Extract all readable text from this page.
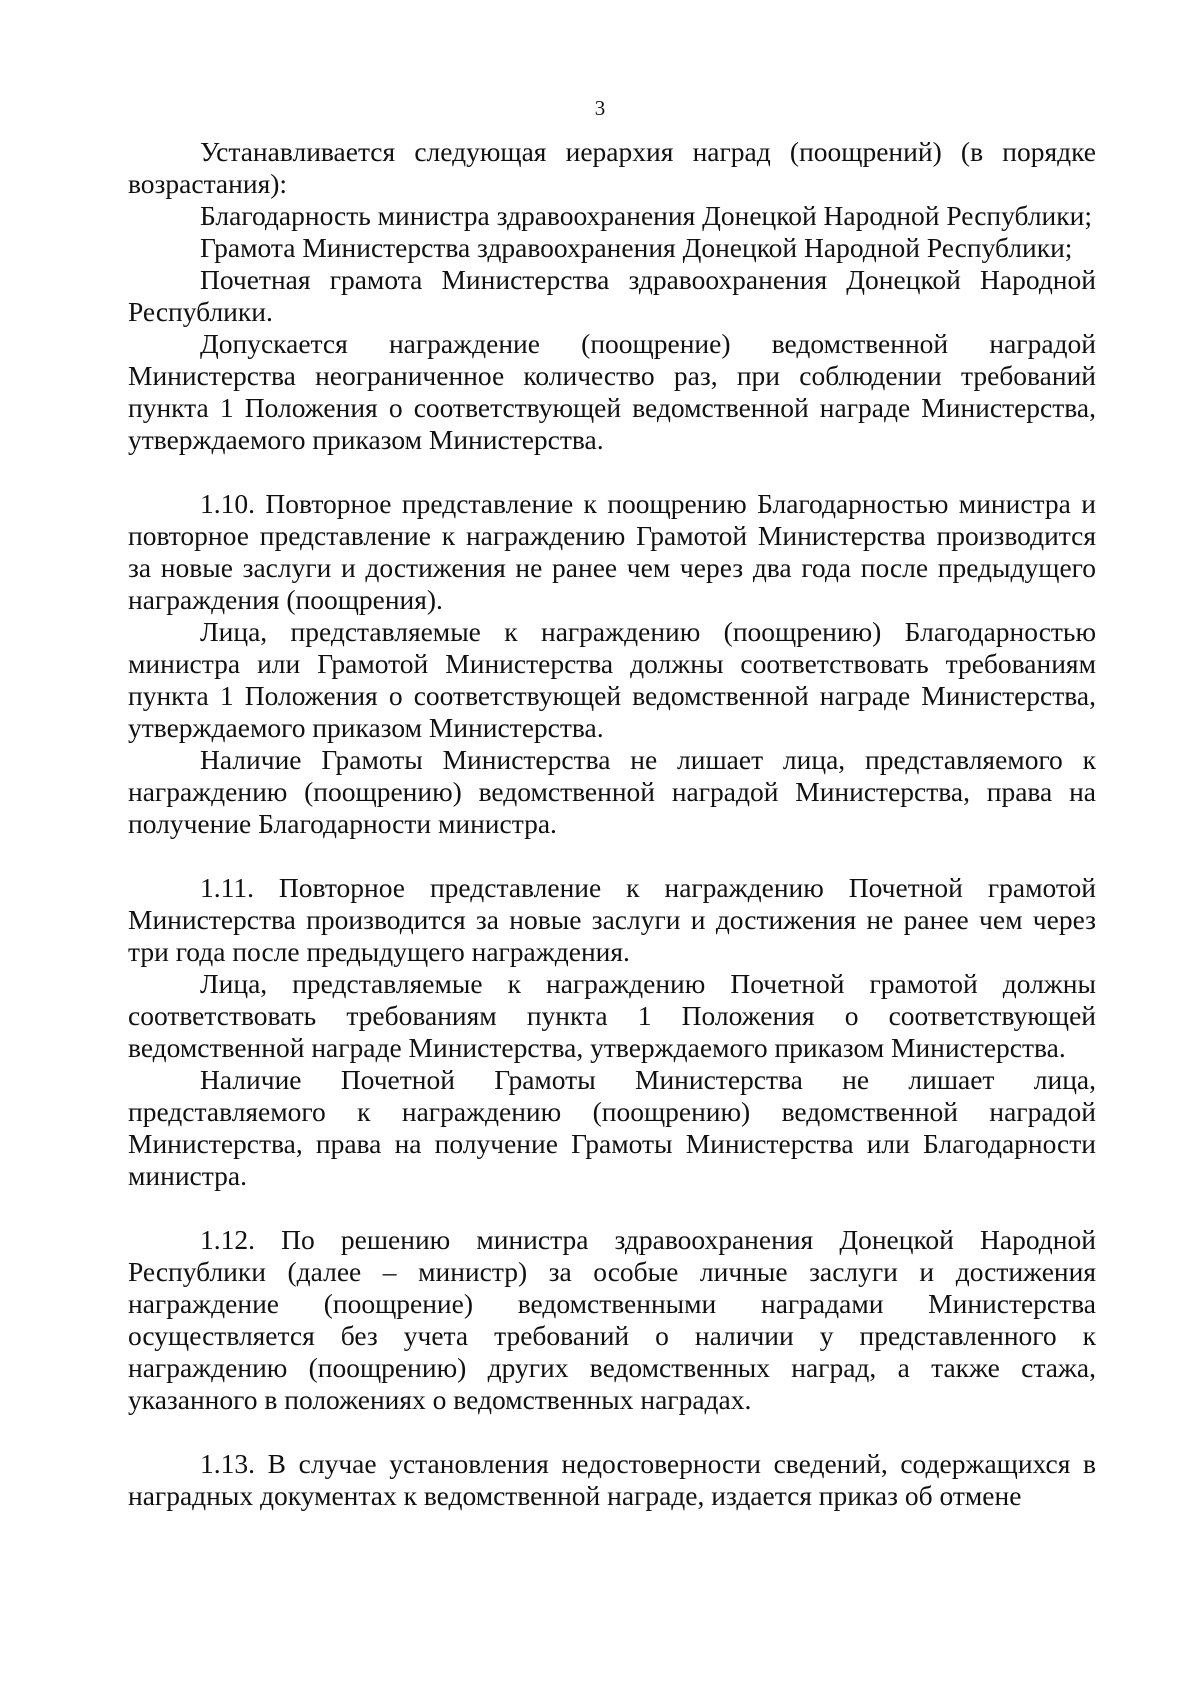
3

Устанавливается следующая иерархия наград (поощрений) (в порядке возрастания):

Благодарность министра здравоохранения Донецкой Народной Республики;

Грамота Министерства здравоохранения Донецкой Народной Республики;

Почетная грамота Министерства здравоохранения Донецкой Народной Республики.

Допускается награждение (поощрение) ведомственной наградой Министерства неограниченное количество раз, при соблюдении требований пункта 1 Положения о соответствующей ведомственной награде Министерства, утверждаемого приказом Министерства.

1.10. Повторное представление к поощрению Благодарностью министра и повторное представление к награждению Грамотой Министерства производится за новые заслуги и достижения не ранее чем через два года после предыдущего награждения (поощрения).

Лица, представляемые к награждению (поощрению) Благодарностью министра или Грамотой Министерства должны соответствовать требованиям пункта 1 Положения о соответствующей ведомственной награде Министерства, утверждаемого приказом Министерства.

Наличие Грамоты Министерства не лишает лица, представляемого к награждению (поощрению) ведомственной наградой Министерства, права на получение Благодарности министра.

1.11. Повторное представление к награждению Почетной грамотой Министерства производится за новые заслуги и достижения не ранее чем через три года после предыдущего награждения.

Лица, представляемые к награждению Почетной грамотой должны соответствовать требованиям пункта 1 Положения о соответствующей ведомственной награде Министерства, утверждаемого приказом Министерства.

Наличие Почетной Грамоты Министерства не лишает лица, представляемого к награждению (поощрению) ведомственной наградой Министерства, права на получение Грамоты Министерства или Благодарности министра.

1.12. По решению министра здравоохранения Донецкой Народной Республики (далее – министр) за особые личные заслуги и достижения награждение (поощрение) ведомственными наградами Министерства осуществляется без учета требований о наличии у представленного к награждению (поощрению) других ведомственных наград, а также стажа, указанного в положениях о ведомственных наградах.

1.13. В случае установления недостоверности сведений, содержащихся в наградных документах к ведомственной награде, издается приказ об отмене
